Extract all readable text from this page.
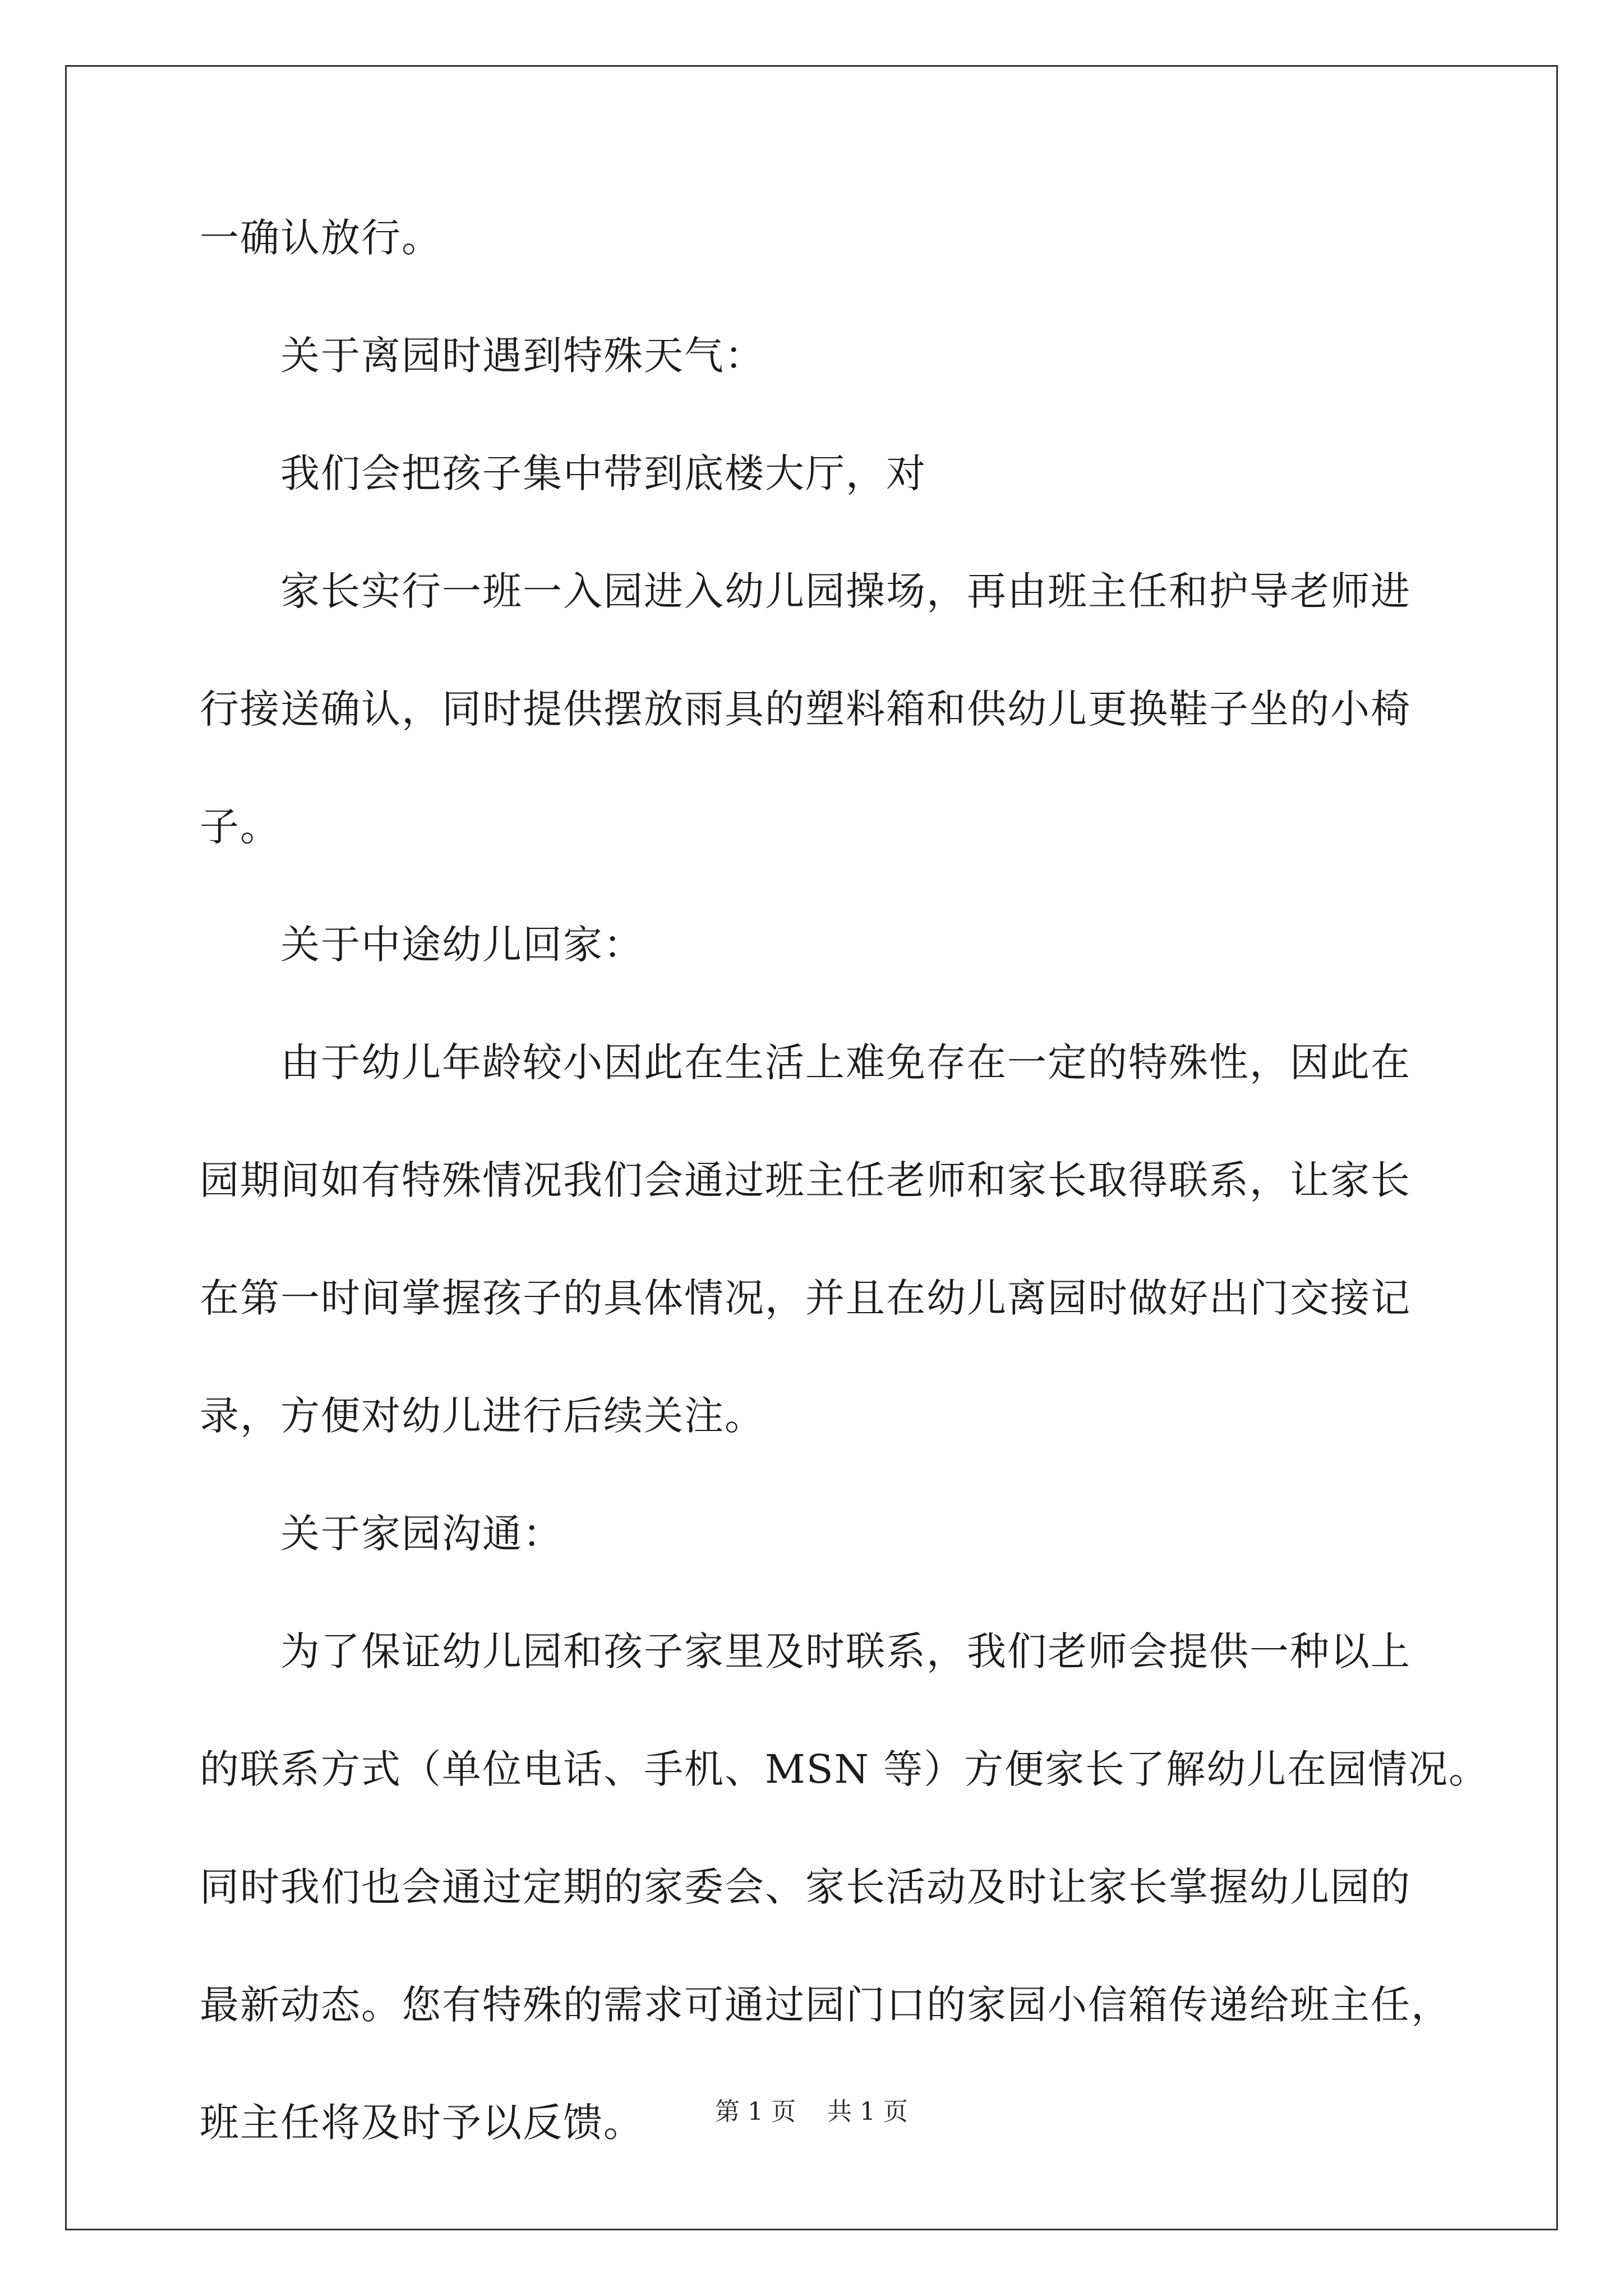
一确认放行。
关于离园时遇到特殊天气：
我们会把孩子集中带到底楼大厅，对
家长实行一班一入园进入幼儿园操场，再由班主任和护导老师进
行接送确认，同时提供摆放雨具的塑料箱和供幼儿更换鞋子坐的小椅
子。
关于中途幼儿回家：
由于幼儿年龄较小因此在生活上难免存在一定的特殊性，因此在
园期间如有特殊情况我们会通过班主任老师和家长取得联系，让家长
在第一时间掌握孩子的具体情况，并且在幼儿离园时做好出门交接记
录，方便对幼儿进行后续关注。
关于家园沟通：
为了保证幼儿园和孩子家里及时联系，我们老师会提供一种以上
的联系方式（单位电话、手机、MSN 等）方便家长了解幼儿在园情况。
同时我们也会通过定期的家委会、家长活动及时让家长掌握幼儿园的
最新动态。您有特殊的需求可通过园门口的家园小信箱传递给班主任，
班主任将及时予以反馈。	第 1 页    共 1 页
